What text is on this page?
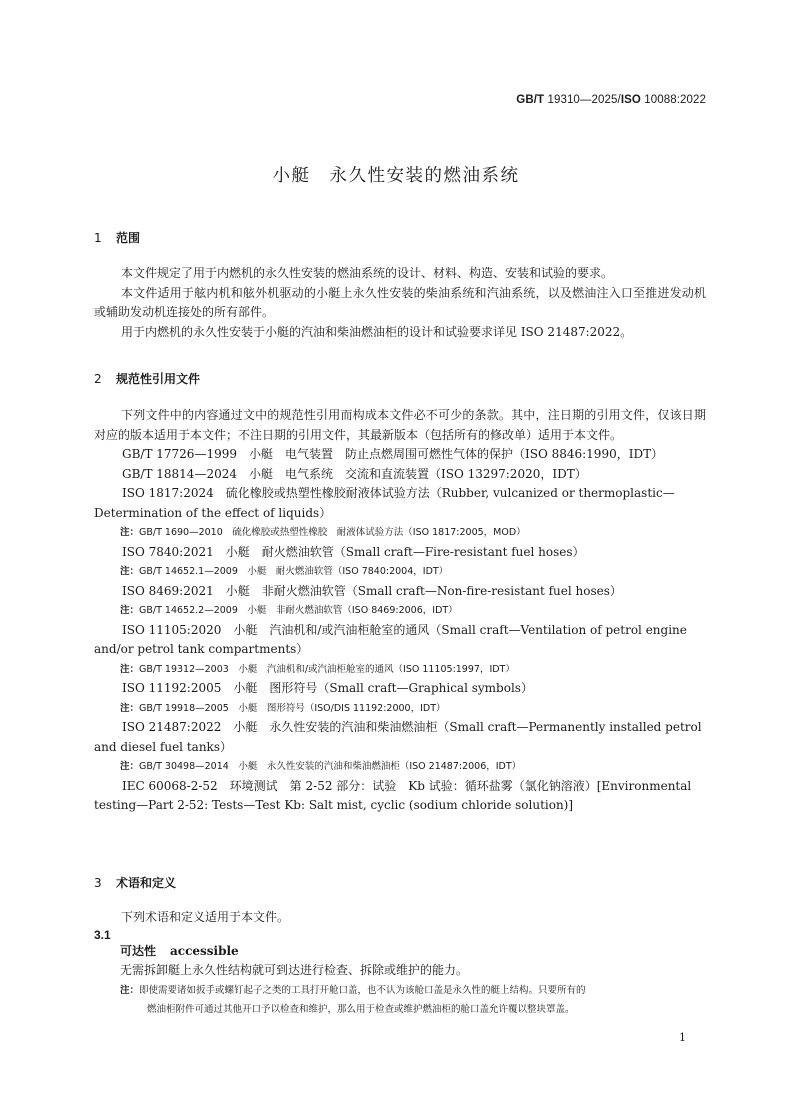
GB/T 19310—2025/ISO 10088:2022
小艇　永久性安装的燃油系统
1 范围
本文件规定了用于内燃机的永久性安装的燃油系统的设计、材料、构造、安装和试验的要求。
本文件适用于舷内机和舷外机驱动的小艇上永久性安装的柴油系统和汽油系统，以及燃油注入口至推进发动机或辅助发动机连接处的所有部件。
用于内燃机的永久性安装于小艇的汽油和柴油燃油柜的设计和试验要求详见 ISO 21487:2022。
2 规范性引用文件
下列文件中的内容通过文中的规范性引用而构成本文件必不可少的条款。其中，注日期的引用文件，仅该日期对应的版本适用于本文件；不注日期的引用文件，其最新版本（包括所有的修改单）适用于本文件。
GB/T 17726—1999　小艇　电气装置　防止点燃周围可燃性气体的保护（ISO 8846:1990，IDT）
GB/T 18814—2024　小艇　电气系统　交流和直流装置（ISO 13297:2020，IDT）
ISO 1817:2024　硫化橡胶或热塑性橡胶耐液体试验方法（Rubber, vulcanized or thermoplastic—Determination of the effect of liquids）
注：GB/T 1690—2010　硫化橡胶或热塑性橡胶　耐液体试验方法（ISO 1817:2005，MOD）
ISO 7840:2021　小艇　耐火燃油软管（Small craft—Fire-resistant fuel hoses）
注：GB/T 14652.1—2009　小艇　耐火燃油软管（ISO 7840:2004，IDT）
ISO 8469:2021　小艇　非耐火燃油软管（Small craft—Non-fire-resistant fuel hoses）
注：GB/T 14652.2—2009　小艇　非耐火燃油软管（ISO 8469:2006，IDT）
ISO 11105:2020　小艇　汽油机和/或汽油柜舱室的通风（Small craft—Ventilation of petrol engine and/or petrol tank compartments）
注：GB/T 19312—2003　小艇　汽油机和/或汽油柜舱室的通风（ISO 11105:1997，IDT）
ISO 11192:2005　小艇　图形符号（Small craft—Graphical symbols）
注：GB/T 19918—2005　小艇　图形符号（ISO/DIS 11192:2000，IDT）
ISO 21487:2022　小艇　永久性安装的汽油和柴油燃油柜（Small craft—Permanently installed petrol and diesel fuel tanks）
注：GB/T 30498—2014　小艇　永久性安装的汽油和柴油燃油柜（ISO 21487:2006，IDT）
IEC 60068-2-52　环境测试　第 2-52 部分：试验　Kb 试验：循环盐雾（氯化钠溶液）[Environmental testing—Part 2-52: Tests—Test Kb: Salt mist, cyclic (sodium chloride solution)]
3 术语和定义
下列术语和定义适用于本文件。
3.1
可达性 accessible
无需拆卸艇上永久性结构就可到达进行检查、拆除或维护的能力。
注：即使需要诸如扳手或螺钉起子之类的工具打开舱口盖，也不认为该舱口盖是永久性的艇上结构。只要所有的
燃油柜附件可通过其他开口予以检查和维护，那么用于检查或维护燃油柜的舱口盖允许覆以整块罩盖。
1
